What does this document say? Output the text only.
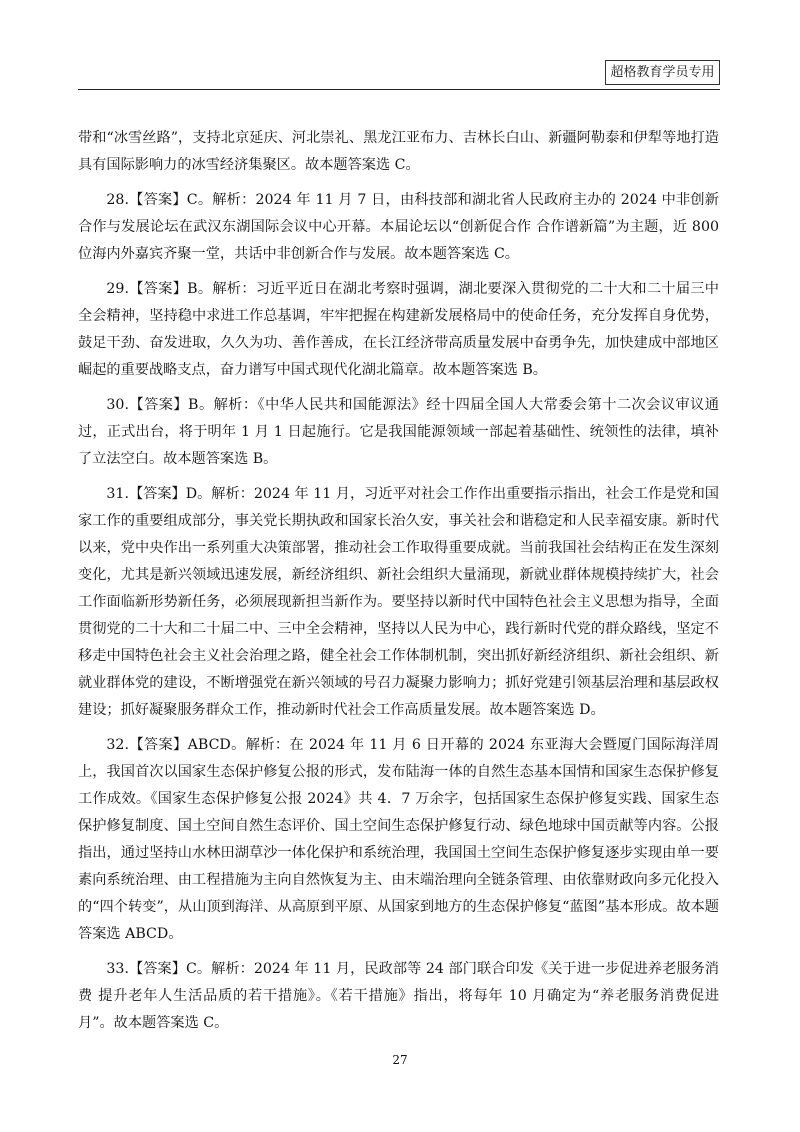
超格教育学员专用

带和“冰雪丝路”，支持北京延庆、河北崇礼、黑龙江亚布力、吉林长白山、新疆阿勒泰和伊犁等地打造具有国际影响力的冰雪经济集聚区。故本题答案选 C。

28.【答案】C。解析：2024 年 11 月 7 日，由科技部和湖北省人民政府主办的 2024 中非创新合作与发展论坛在武汉东湖国际会议中心开幕。本届论坛以“创新促合作 合作谱新篇”为主题，近 800 位海内外嘉宾齐聚一堂，共话中非创新合作与发展。故本题答案选 C。

29.【答案】B。解析：习近平近日在湖北考察时强调，湖北要深入贯彻党的二十大和二十届三中全会精神，坚持稳中求进工作总基调，牢牢把握在构建新发展格局中的使命任务，充分发挥自身优势，鼓足干劲、奋发进取，久久为功、善作善成，在长江经济带高质量发展中奋勇争先，加快建成中部地区崛起的重要战略支点，奋力谱写中国式现代化湖北篇章。故本题答案选 B。

30.【答案】B。解析：《中华人民共和国能源法》经十四届全国人大常委会第十二次会议审议通过，正式出台，将于明年 1 月 1 日起施行。它是我国能源领域一部起着基础性、统领性的法律，填补了立法空白。故本题答案选 B。

31.【答案】D。解析：2024 年 11 月，习近平对社会工作作出重要指示指出，社会工作是党和国家工作的重要组成部分，事关党长期执政和国家长治久安，事关社会和谐稳定和人民幸福安康。新时代以来，党中央作出一系列重大决策部署，推动社会工作取得重要成就。当前我国社会结构正在发生深刻变化，尤其是新兴领域迅速发展，新经济组织、新社会组织大量涌现，新就业群体规模持续扩大，社会工作面临新形势新任务，必须展现新担当新作为。要坚持以新时代中国特色社会主义思想为指导，全面贯彻党的二十大和二十届二中、三中全会精神，坚持以人民为中心，践行新时代党的群众路线，坚定不移走中国特色社会主义社会治理之路，健全社会工作体制机制，突出抓好新经济组织、新社会组织、新就业群体党的建设，不断增强党在新兴领域的号召力凝聚力影响力；抓好党建引领基层治理和基层政权建设；抓好凝聚服务群众工作，推动新时代社会工作高质量发展。故本题答案选 D。

32.【答案】ABCD。解析：在 2024 年 11 月 6 日开幕的 2024 东亚海大会暨厦门国际海洋周上，我国首次以国家生态保护修复公报的形式，发布陆海一体的自然生态基本国情和国家生态保护修复工作成效。《国家生态保护修复公报 2024》共 4．7 万余字，包括国家生态保护修复实践、国家生态保护修复制度、国土空间自然生态评价、国土空间生态保护修复行动、绿色地球中国贡献等内容。公报指出，通过坚持山水林田湖草沙一体化保护和系统治理，我国国土空间生态保护修复逐步实现由单一要素向系统治理、由工程措施为主向自然恢复为主、由末端治理向全链条管理、由依靠财政向多元化投入的“四个转变”，从山顶到海洋、从高原到平原、从国家到地方的生态保护修复“蓝图”基本形成。故本题答案选 ABCD。

33.【答案】C。解析：2024 年 11 月，民政部等 24 部门联合印发《关于进一步促进养老服务消费 提升老年人生活品质的若干措施》。《若干措施》指出，将每年 10 月确定为“养老服务消费促进月”。故本题答案选 C。

27
